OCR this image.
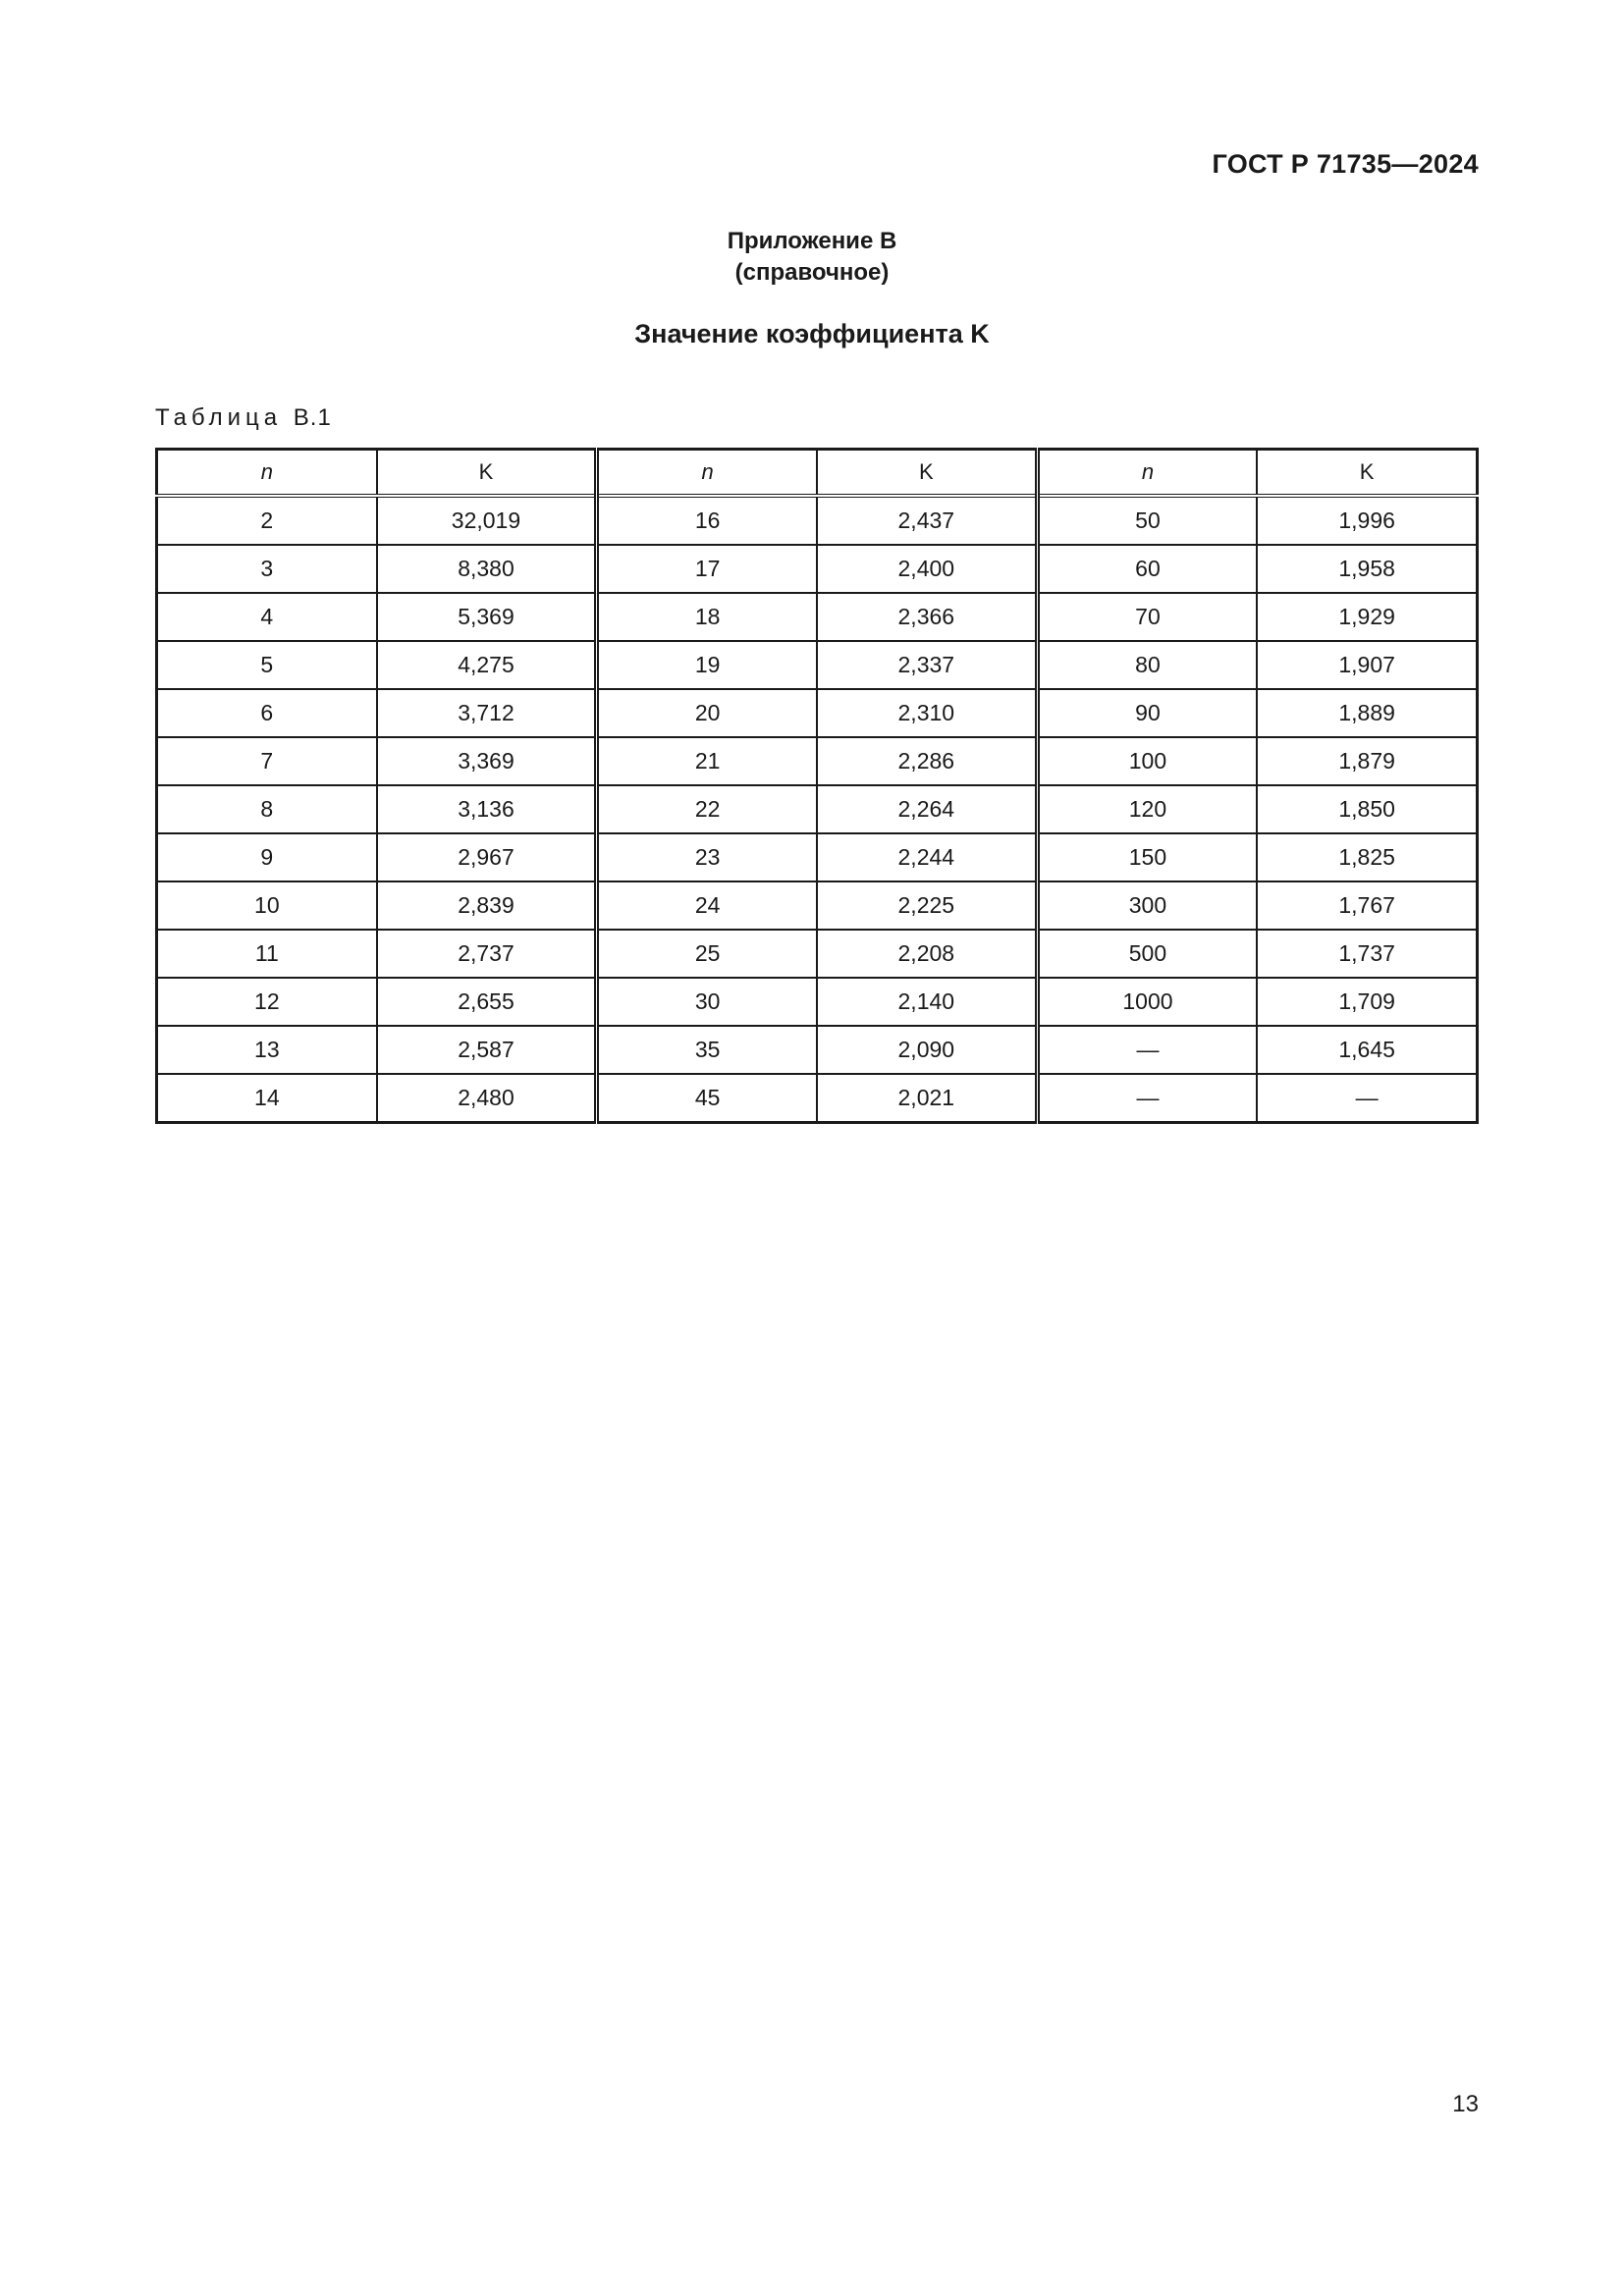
ГОСТ Р 71735—2024
Приложение В
(справочное)
Значение коэффициента K
Таблица В.1
n	K	n	K	n	K
2	32,019	16	2,437	50	1,996
3	8,380	17	2,400	60	1,958
4	5,369	18	2,366	70	1,929
5	4,275	19	2,337	80	1,907
6	3,712	20	2,310	90	1,889
7	3,369	21	2,286	100	1,879
8	3,136	22	2,264	120	1,850
9	2,967	23	2,244	150	1,825
10	2,839	24	2,225	300	1,767
11	2,737	25	2,208	500	1,737
12	2,655	30	2,140	1000	1,709
13	2,587	35	2,090	—	1,645
14	2,480	45	2,021	—	—
13
